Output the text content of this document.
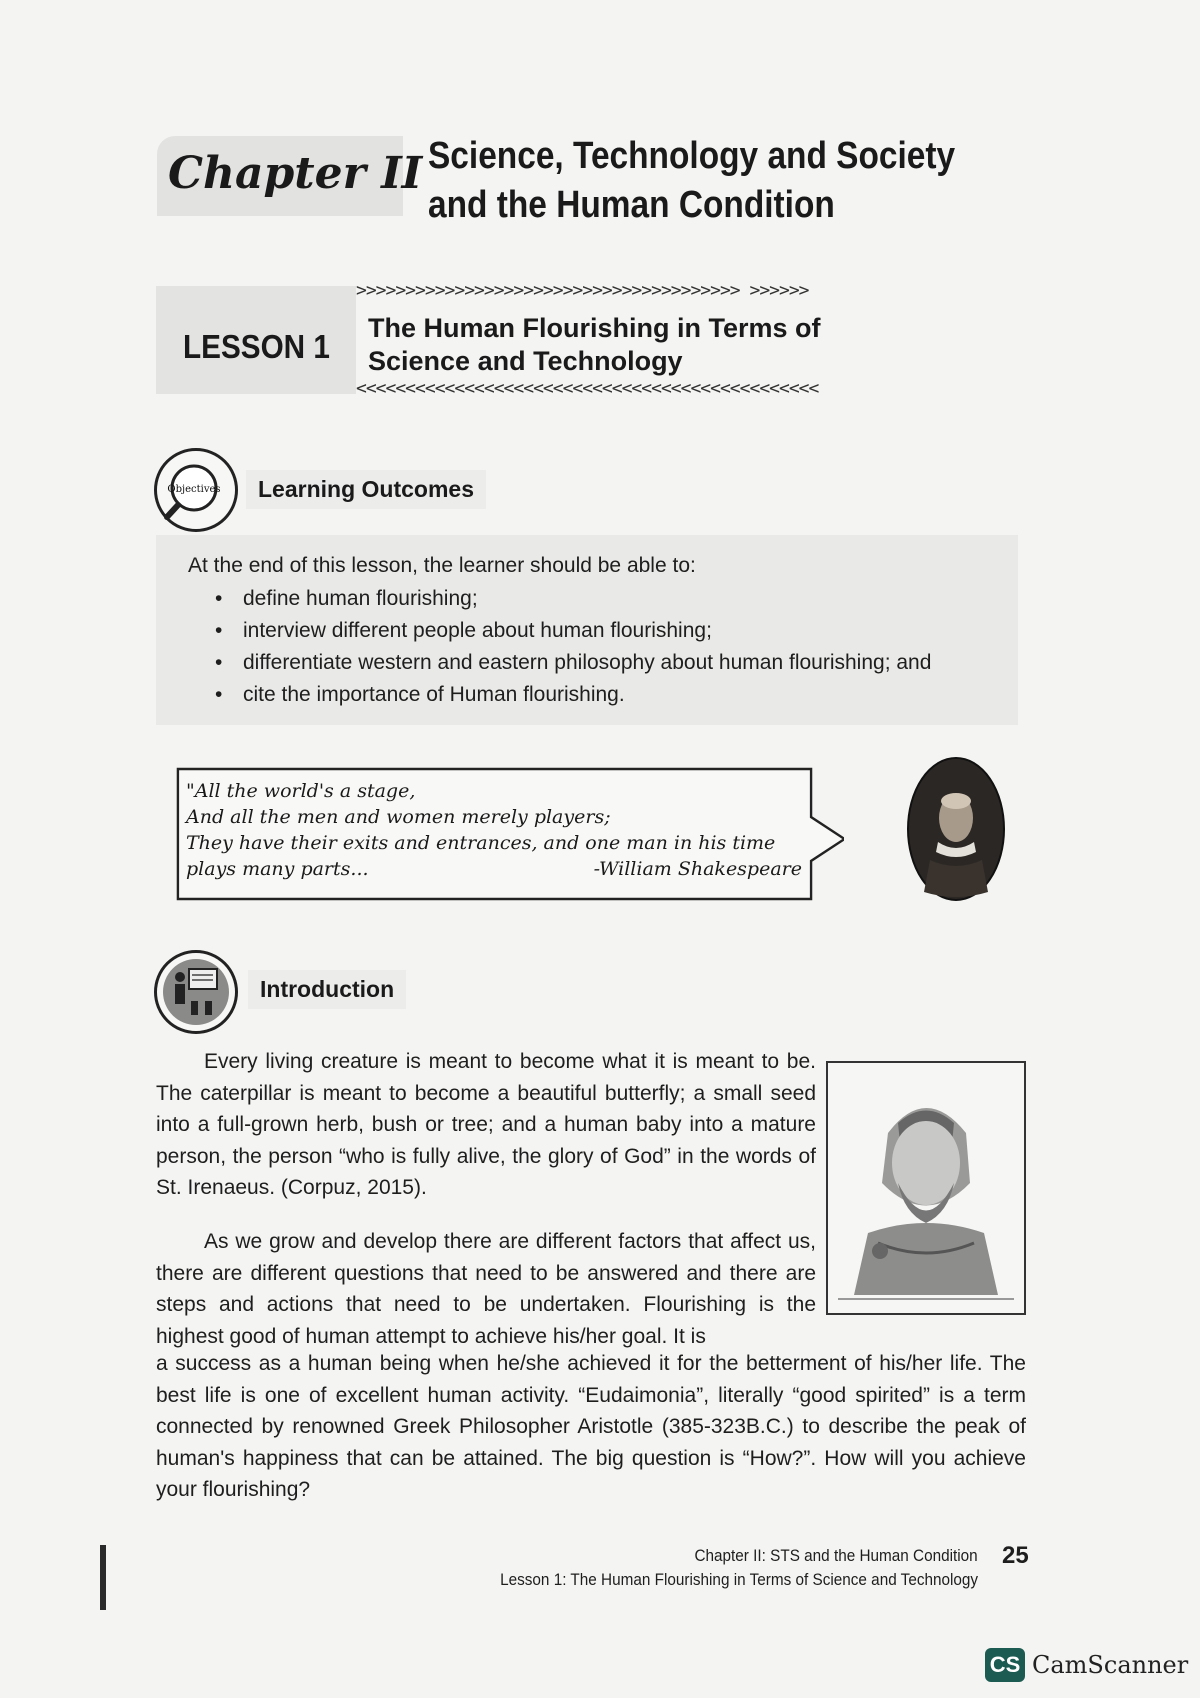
Chapter II Science, Technology and Society
and the Human Condition
LESSON 1
>>>>>>>>>>>>>>>>>>>>>>>>>>>>>>>>>>>>>>> >>>>>>
The Human Flourishing in Terms of
Science and Technology
<<<<<<<<<<<<<<<<<<<<<<<<<<<<<<<<<<<<<<<<<<<<<<<
Objectives	Learning Outcomes
At the end of this lesson, the learner should be able to:
• define human flourishing;
• interview different people about human flourishing;
• differentiate western and eastern philosophy about human flourishing; and
• cite the importance of Human flourishing.
"All the world's a stage,
And all the men and women merely players;
They have their exits and entrances, and one man in his time
plays many parts...	-William Shakespeare
Introduction
Every living creature is meant to become what it is meant to be. The caterpillar is meant to become a beautiful butterfly; a small seed into a full-grown herb, bush or tree; and a human baby into a mature person, the person “who is fully alive, the glory of God” in the words of St. Irenaeus. (Corpuz, 2015).
As we grow and develop there are different factors that affect us, there are different questions that need to be answered and there are steps and actions that need to be undertaken. Flourishing is the highest good of human attempt to achieve his/her goal. It is
a success as a human being when he/she achieved it for the betterment of his/her life. The best life is one of excellent human activity. “Eudaimonia”, literally “good spirited” is a term connected by renowned Greek Philosopher Aristotle (385-323B.C.) to describe the peak of human's happiness that can be attained. The big question is “How?”. How will you achieve your flourishing?
Chapter II: STS and the Human Condition
Lesson 1: The Human Flourishing in Terms of Science and Technology
25
CS CamScanner
